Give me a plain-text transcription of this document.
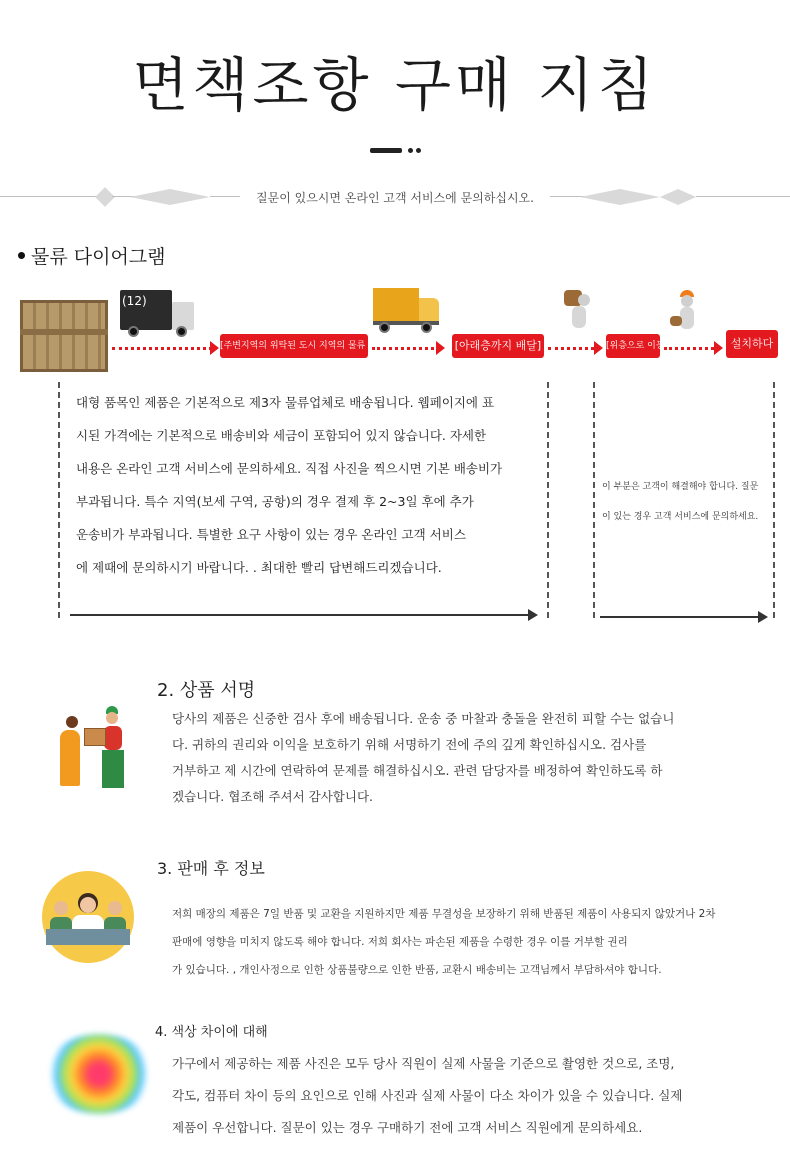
면책조항 구매 지침
질문이 있으시면 온라인 고객 서비스에 문의하십시오.
물류 다이어그램
(12)
[주변지역의 위탁된 도시 지역의 물류 지점]	[아래층까지 배달]	[위층으로 이동]	설치하다
대형 품목인 제품은 기본적으로 제3자 물류업체로 배송됩니다. 웹페이지에 표
시된 가격에는 기본적으로 배송비와 세금이 포함되어 있지 않습니다. 자세한
내용은 온라인 고객 서비스에 문의하세요. 직접 사진을 찍으시면 기본 배송비가
부과됩니다. 특수 지역(보세 구역, 공항)의 경우 결제 후 2~3일 후에 추가
운송비가 부과됩니다. 특별한 요구 사항이 있는 경우 온라인 고객 서비스
에 제때에 문의하시기 바랍니다. . 최대한 빨리 답변해드리겠습니다.
이 부분은 고객이 해결해야 합니다. 질문
이 있는 경우 고객 서비스에 문의하세요.
2. 상품 서명
당사의 제품은 신중한 검사 후에 배송됩니다. 운송 중 마찰과 충돌을 완전히 피할 수는 없습니
다. 귀하의 권리와 이익을 보호하기 위해 서명하기 전에 주의 깊게 확인하십시오. 검사를
거부하고 제 시간에 연락하여 문제를 해결하십시오. 관련 담당자를 배정하여 확인하도록 하
겠습니다. 협조해 주셔서 감사합니다.
3. 판매 후 정보
저희 매장의 제품은 7일 반품 및 교환을 지원하지만 제품 무결성을 보장하기 위해 반품된 제품이 사용되지 않았거나 2차
판매에 영향을 미치지 않도록 해야 합니다. 저희 회사는 파손된 제품을 수령한 경우 이를 거부할 권리
가 있습니다. , 개인사정으로 인한 상품불량으로 인한 반품, 교환시 배송비는 고객님께서 부담하셔야 합니다.
4. 색상 차이에 대해
가구에서 제공하는 제품 사진은 모두 당사 직원이 실제 사물을 기준으로 촬영한 것으로, 조명,
각도, 컴퓨터 차이 등의 요인으로 인해 사진과 실제 사물이 다소 차이가 있을 수 있습니다. 실제
제품이 우선합니다. 질문이 있는 경우 구매하기 전에 고객 서비스 직원에게 문의하세요.
